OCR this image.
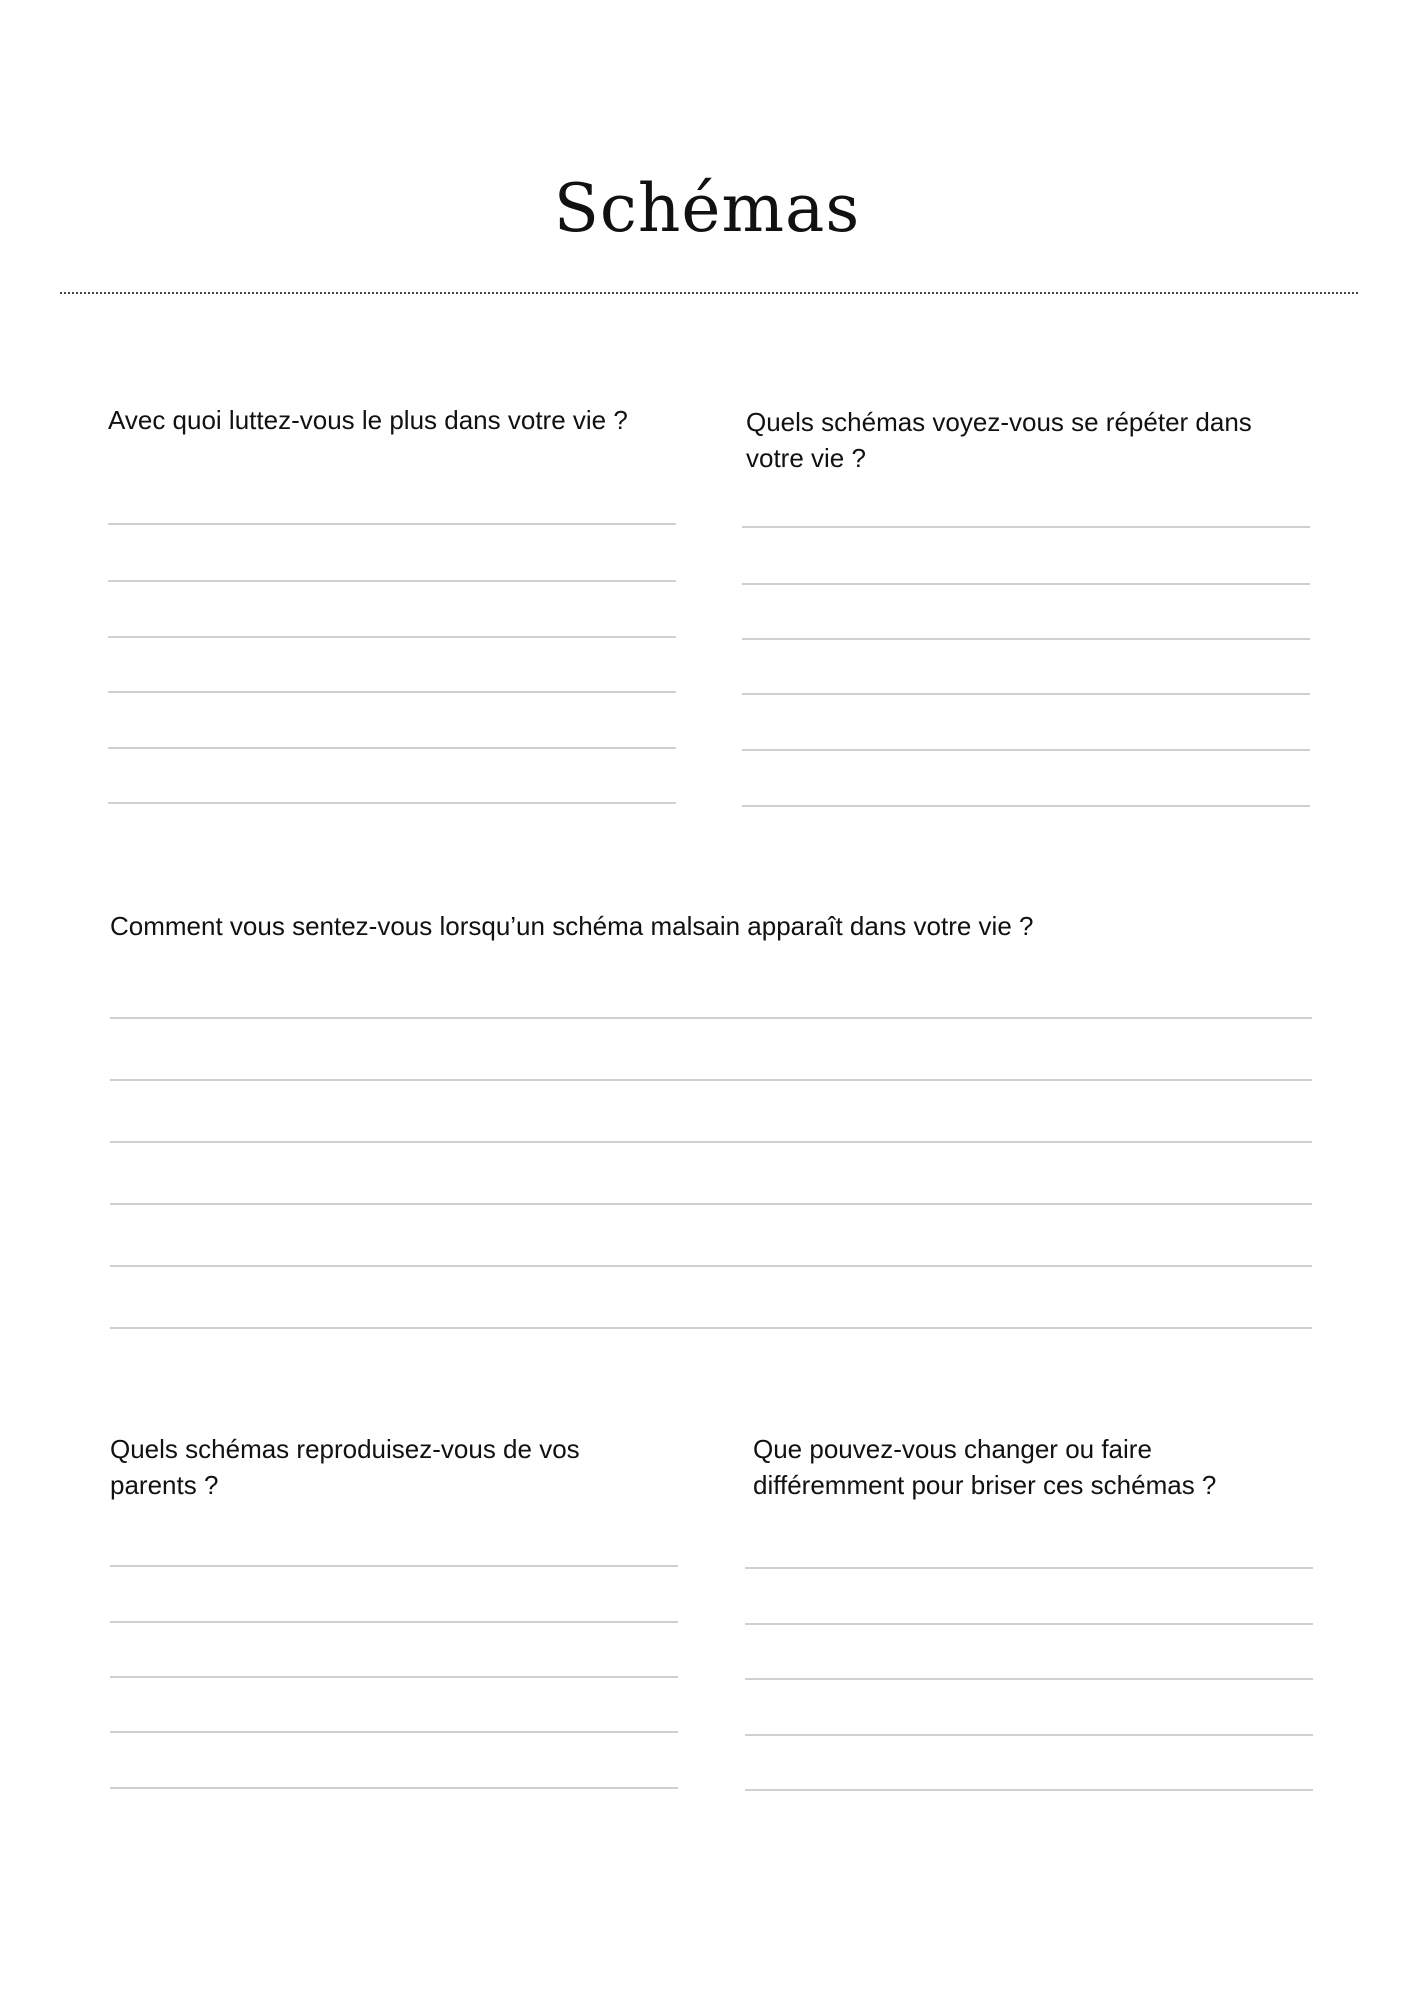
Schémas

Avec quoi luttez-vous le plus dans votre vie ?	Quels schémas voyez-vous se répéter dans votre vie ?

Comment vous sentez-vous lorsqu’un schéma malsain apparaît dans votre vie ?

Quels schémas reproduisez-vous de vos parents ?

Que pouvez-vous changer ou faire différemment pour briser ces schémas ?
